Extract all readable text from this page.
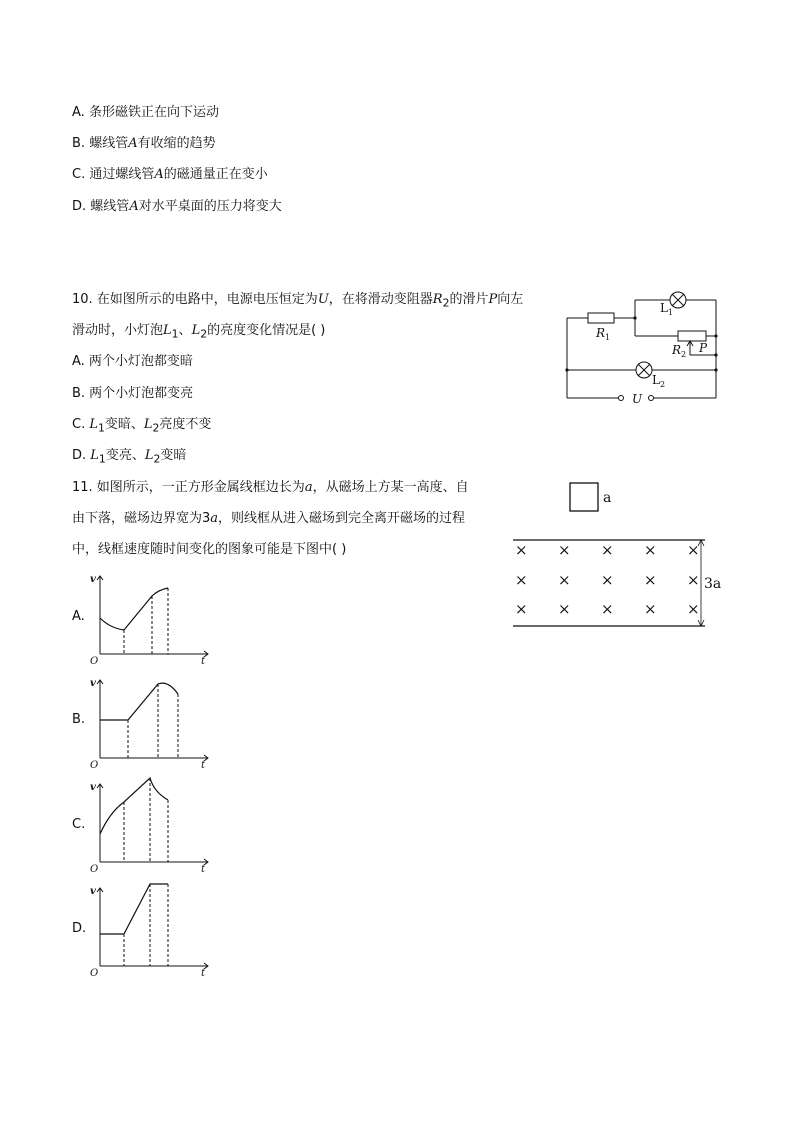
A. 条形磁铁正在向下运动
B. 螺线管A有收缩的趋势
C. 通过螺线管A的磁通量正在变小
D. 螺线管A对水平桌面的压力将变大
10. 在如图所示的电路中，电源电压恒定为U，在将滑动变阻器$R_2$的滑片P向左
滑动时，小灯泡$L_1$、$L_2$的亮度变化情况是( )
A. 两个小灯泡都变暗
B. 两个小灯泡都变亮
C. $L_1$变暗、$L_2$亮度不变
D. $L_1$变亮、$L_2$变暗
$R_1$
$L_1$
$R_2$ P
$L_2$
U
11. 如图所示，一正方形金属线框边长为a，从磁场上方某一高度、自
由下落，磁场边界宽为3a，则线框从进入磁场到完全离开磁场的过程
中，线框速度随时间变化的图象可能是下图中( )
a
3a
× × × × ×
× × × × ×
× × × × ×
A.
B.
C.
D.
v
t
O
v
t
O
v
t
O
v
t
O
